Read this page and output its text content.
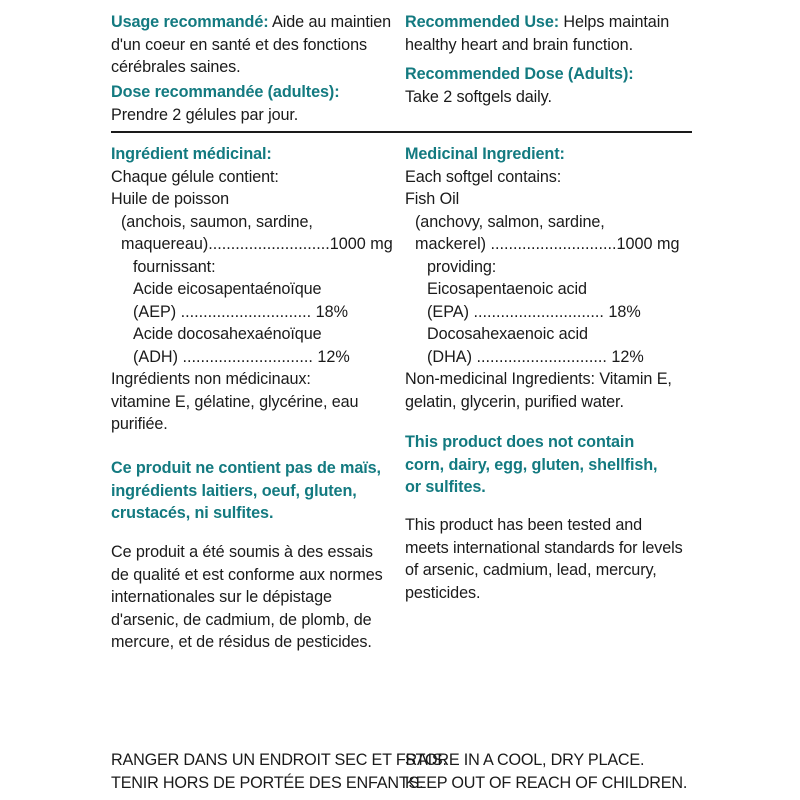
Usage recommandé: Aide au maintien
d'un coeur en santé et des fonctions
cérébrales saines.
Dose recommandée (adultes):
Prendre 2 gélules par jour.
Ingrédient médicinal:
Chaque gélule contient:
Huile de poisson
(anchois, saumon, sardine,
maquereau)...........................1000 mg
fournissant:
Acide eicosapentaénoïque
(AEP) ............................. 18%
Acide docosahexaénoïque
(ADH) ............................. 12%
Ingrédients non médicinaux:
vitamine E, gélatine, glycérine, eau
purifiée.
Ce produit ne contient pas de maïs,
ingrédients laitiers, oeuf, gluten,
crustacés, ni sulfites.
Ce produit a été soumis à des essais
de qualité et est conforme aux normes
internationales sur le dépistage
d'arsenic, de cadmium, de plomb, de
mercure, et de résidus de pesticides.
Recommended Use: Helps maintain
healthy heart and brain function.
Recommended Dose (Adults):
Take 2 softgels daily.
Medicinal Ingredient:
Each softgel contains:
Fish Oil
(anchovy, salmon, sardine,
mackerel) ............................1000 mg
providing:
Eicosapentaenoic acid
(EPA) ............................. 18%
Docosahexaenoic acid
(DHA) ............................. 12%
Non-medicinal Ingredients: Vitamin E,
gelatin, glycerin, purified water.
This product does not contain
corn, dairy, egg, gluten, shellfish,
or sulfites.
This product has been tested and
meets international standards for levels
of arsenic, cadmium, lead, mercury,
pesticides.
RANGER DANS UN ENDROIT SEC ET FRAIS.
TENIR HORS DE PORTÉE DES ENFANTS.
STORE IN A COOL, DRY PLACE.
KEEP OUT OF REACH OF CHILDREN.
